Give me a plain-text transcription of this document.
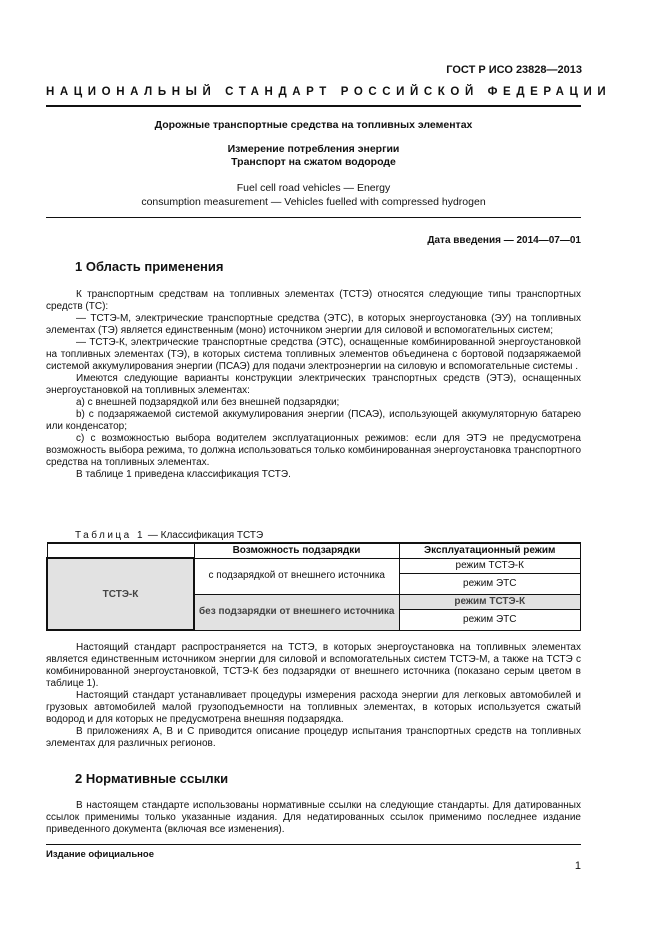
ГОСТ Р ИСО 23828—2013
НАЦИОНАЛЬНЫЙ СТАНДАРТ РОССИЙСКОЙ ФЕДЕРАЦИИ
Дорожные транспортные средства на топливных элементах
Измерение потребления энергии
Транспорт на сжатом водороде
Fuel cell road vehicles — Energy
consumption measurement — Vehicles fuelled with compressed hydrogen
Дата введения — 2014—07—01
1 Область применения

К транспортным средствам на топливных элементах (ТСТЭ) относятся следующие типы транспортных средств (ТС):

— ТСТЭ-М, электрические транспортные средства (ЭТС), в которых энергоустановка (ЭУ) на топливных элементах (ТЭ) является единственным (моно) источником энергии для силовой и вспомогательных систем;

— ТСТЭ-К, электрические транспортные средства (ЭТС), оснащенные комбинированной энергоустановкой на топливных элементах (ТЭ), в которых система топливных элементов объединена с бортовой подзаряжаемой системой аккумулирования энергии (ПСАЭ) для подачи электроэнергии на силовую и вспомогательные системы .

Имеются следующие варианты конструкции электрических транспортных средств (ЭТЭ), оснащенных энергоустановкой на топливных элементах:

а) с внешней подзарядкой или без внешней подзарядки;

b) с подзаряжаемой системой аккумулирования энергии (ПСАЭ), использующей аккумуляторную батарею или конденсатор;

с) с возможностью выбора водителем эксплуатационных режимов: если для ЭТЭ не предусмотрена возможность выбора режима, то должна использоваться только комбинированная энергоустановка транспортного средства на топливных элементах.

В таблице 1 приведена классификация ТСТЭ.

Таблица 1 — Классификация ТСТЭ
	Возможность подзарядки	Эксплуатационный режим
ТСТЭ-К	с подзарядкой от внешнего источника	режим ТСТЭ-К
		режим ЭТС
	без подзарядки от внешнего источника	режим ТСТЭ-К
		режим ЭТС

Настоящий стандарт распространяется на ТСТЭ, в которых энергоустановка на топливных элементах является единственным источником энергии для силовой и вспомогательных систем ТСТЭ-М, а также на ТСТЭ с комбинированной энергоустановкой, ТСТЭ-К без подзарядки от внешнего источника (показано серым цветом в таблице 1).

Настоящий стандарт устанавливает процедуры измерения расхода энергии для легковых автомобилей и грузовых автомобилей малой грузоподъемности на топливных элементах, в которых используется сжатый водород и для которых не предусмотрена внешняя подзарядка.

В приложениях А, В и С приводится описание процедур испытания транспортных средств на топливных элементах для различных регионов.

2 Нормативные ссылки

В настоящем стандарте использованы нормативные ссылки на следующие стандарты. Для датированных ссылок применимы только указанные издания. Для недатированных ссылок применимо последнее издание приведенного документа (включая все изменения).

Издание официальное
1
